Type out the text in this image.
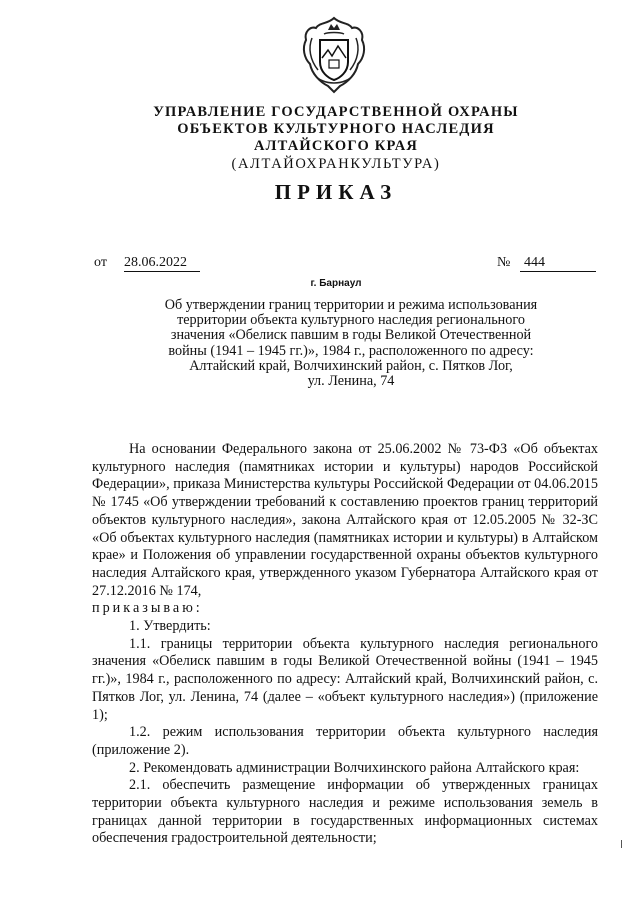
УПРАВЛЕНИЕ ГОСУДАРСТВЕННОЙ ОХРАНЫ
ОБЪЕКТОВ КУЛЬТУРНОГО НАСЛЕДИЯ
АЛТАЙСКОГО КРАЯ
(АЛТАЙОХРАНКУЛЬТУРА)
ПРИКАЗ
от 28.06.2022	№ 444
г. Барнаул
Об утверждении границ территории и режима использования
территории объекта культурного наследия регионального
значения «Обелиск павшим в годы Великой Отечественной
войны (1941 – 1945 гг.)», 1984 г., расположенного по адресу:
Алтайский край, Волчихинский район, с. Пятков Лог,
ул. Ленина, 74

На основании Федерального закона от 25.06.2002 № 73-ФЗ «Об объектах культурного наследия (памятниках истории и культуры) народов Российской Федерации», приказа Министерства культуры Российской Федерации от 04.06.2015 № 1745 «Об утверждении требований к составлению проектов границ территорий объектов культурного наследия», закона Алтайского края от 12.05.2005 № 32-ЗС «Об объектах культурного наследия (памятниках истории и культуры) в Алтайском крае» и Положения об управлении государственной охраны объектов культурного наследия Алтайского края, утвержденного указом Губернатора Алтайского края от 27.12.2016 № 174,

приказываю:

1. Утвердить:

1.1. границы территории объекта культурного наследия регионального значения «Обелиск павшим в годы Великой Отечественной войны (1941 – 1945 гг.)», 1984 г., расположенного по адресу: Алтайский край, Волчихинский район, с. Пятков Лог, ул. Ленина, 74 (далее – «объект культурного наследия») (приложение 1);

1.2. режим использования территории объекта культурного наследия (приложение 2).

2. Рекомендовать администрации Волчихинского района Алтайского края:

2.1. обеспечить размещение информации об утвержденных границах территории объекта культурного наследия и режиме использования земель в границах данной территории в государственных информационных системах обеспечения градостроительной деятельности;
